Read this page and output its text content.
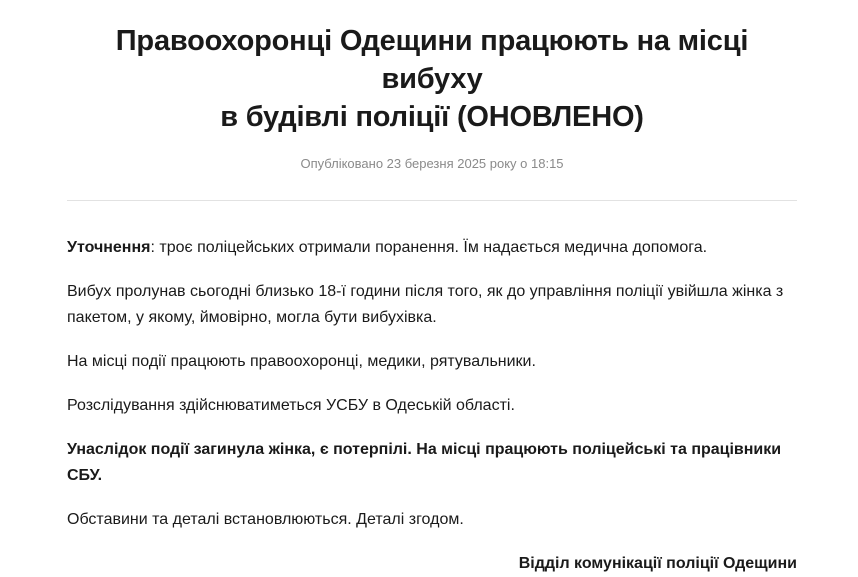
Правоохоронці Одещини працюють на місці вибуху
в будівлі поліції (ОНОВЛЕНО)
Опубліковано 23 березня 2025 року о 18:15

Уточнення: троє поліцейських отримали поранення. Їм надається медична допомога.

Вибух пролунав сьогодні близько 18-ї години після того, як до управління поліції увійшла жінка з пакетом, у якому, ймовірно, могла бути вибухівка.

На місці події працюють правоохоронці, медики, рятувальники.

Розслідування здійснюватиметься УСБУ в Одеській області.

Унаслідок події загинула жінка, є потерпілі. На місці працюють поліцейські та працівники СБУ.

Обставини та деталі встановлюються. Деталі згодом.

Відділ комунікації поліції Одещини
